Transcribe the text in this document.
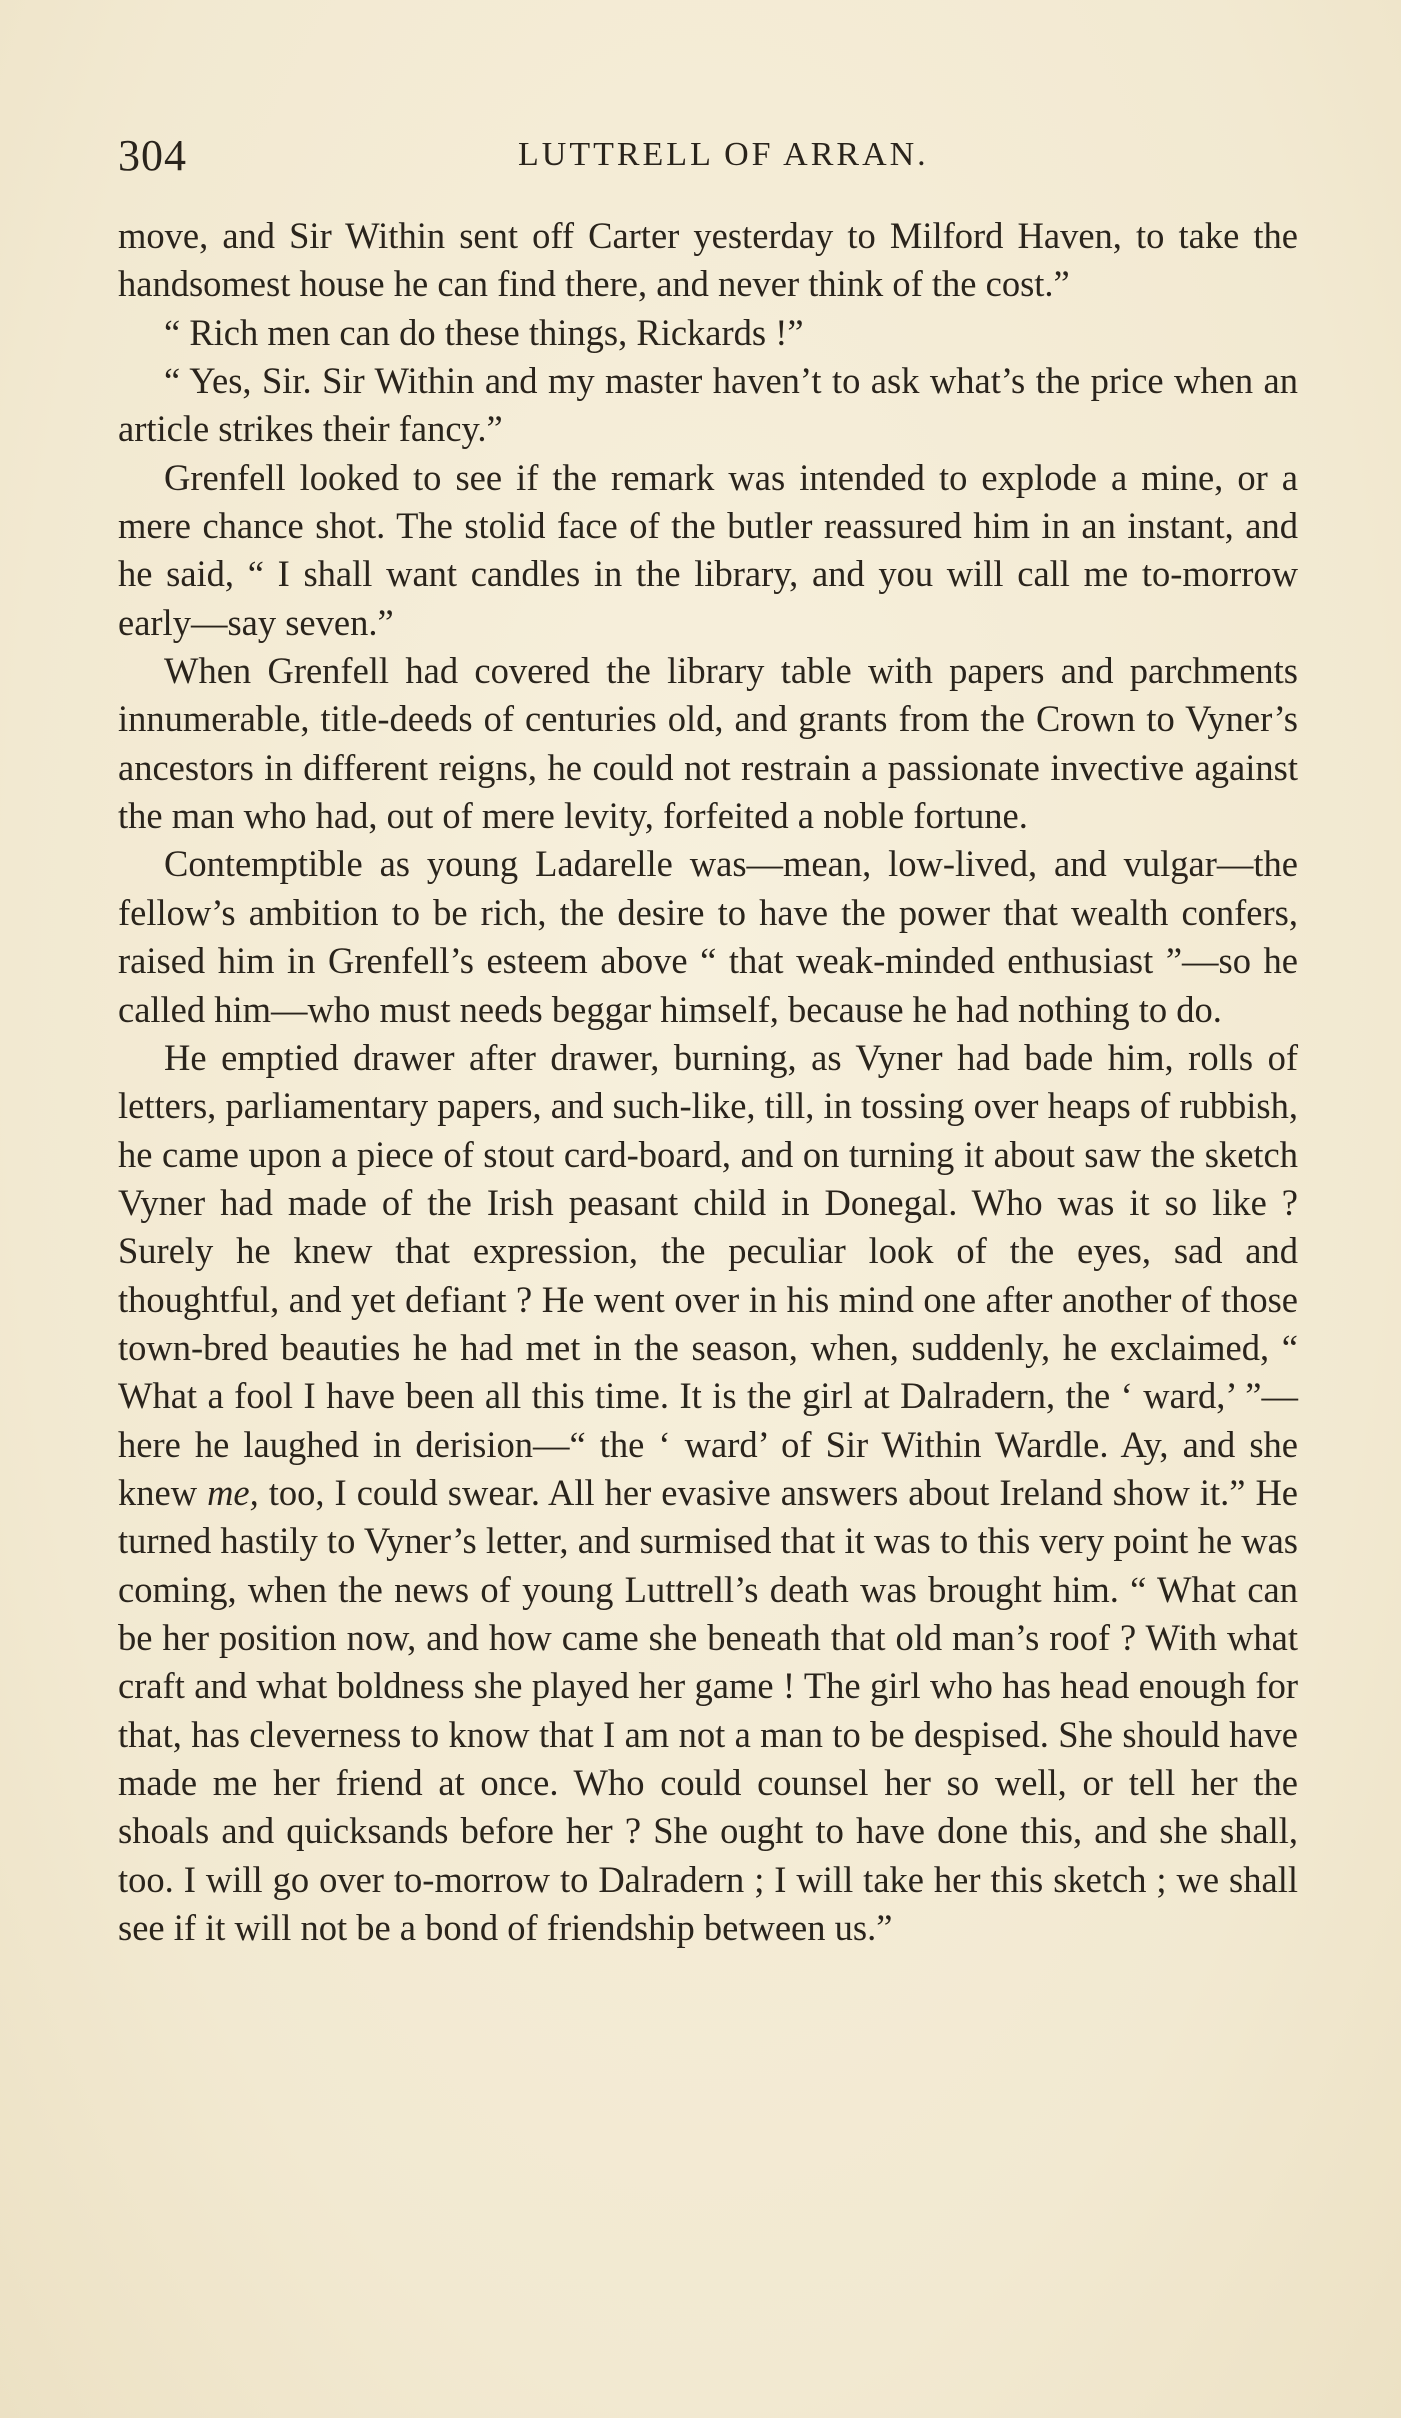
304	LUTTRELL OF ARRAN.

move, and Sir Within sent off Carter yesterday to Milford Haven, to take the handsomest house he can find there, and never think of the cost.”

“ Rich men can do these things, Rickards !”

“ Yes, Sir. Sir Within and my master haven’t to ask what’s the price when an article strikes their fancy.”

Grenfell looked to see if the remark was intended to explode a mine, or a mere chance shot. The stolid face of the butler reassured him in an instant, and he said, “ I shall want candles in the library, and you will call me to-morrow early—say seven.”

When Grenfell had covered the library table with papers and parchments innumerable, title-deeds of centuries old, and grants from the Crown to Vyner’s ancestors in different reigns, he could not restrain a passionate invective against the man who had, out of mere levity, forfeited a noble fortune.

Contemptible as young Ladarelle was—mean, low-lived, and vulgar—the fellow’s ambition to be rich, the desire to have the power that wealth confers, raised him in Grenfell’s esteem above “ that weak-minded enthusiast ”—so he called him—who must needs beggar himself, because he had nothing to do.

He emptied drawer after drawer, burning, as Vyner had bade him, rolls of letters, parliamentary papers, and such-like, till, in tossing over heaps of rubbish, he came upon a piece of stout card-board, and on turning it about saw the sketch Vyner had made of the Irish peasant child in Donegal. Who was it so like ? Surely he knew that expression, the peculiar look of the eyes, sad and thoughtful, and yet defiant ? He went over in his mind one after another of those town-bred beauties he had met in the season, when, suddenly, he exclaimed, “ What a fool I have been all this time. It is the girl at Dalradern, the ‘ ward,’ ”—here he laughed in derision—“ the ‘ ward’ of Sir Within Wardle. Ay, and she knew me, too, I could swear. All her evasive answers about Ireland show it.” He turned hastily to Vyner’s letter, and surmised that it was to this very point he was coming, when the news of young Luttrell’s death was brought him. “ What can be her position now, and how came she beneath that old man’s roof ? With what craft and what boldness she played her game ! The girl who has head enough for that, has cleverness to know that I am not a man to be despised. She should have made me her friend at once. Who could counsel her so well, or tell her the shoals and quicksands before her ? She ought to have done this, and she shall, too. I will go over to-morrow to Dalradern ; I will take her this sketch ; we shall see if it will not be a bond of friendship between us.”
